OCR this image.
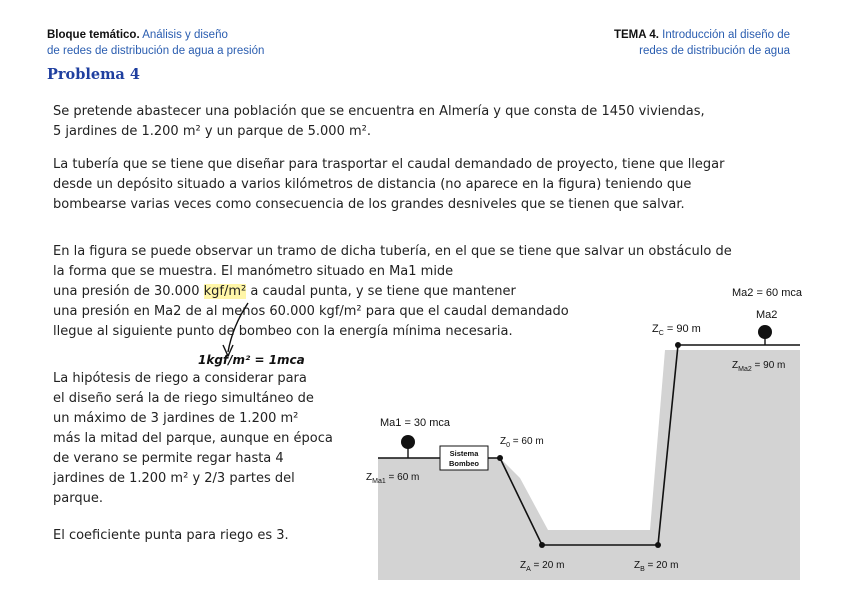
Bloque temático. Análisis y diseño
de redes de distribución de agua a presión
TEMA 4. Introducción al diseño de
redes de distribución de agua
Problema 4
Se pretende abastecer una población que se encuentra en Almería y que consta de 1450 viviendas,
5 jardines de 1.200 m² y un parque de 5.000 m².
La tubería que se tiene que diseñar para trasportar el caudal demandado de proyecto, tiene que llegar
desde un depósito situado a varios kilómetros de distancia (no aparece en la figura) teniendo que
bombearse varias veces como consecuencia de los grandes desniveles que se tienen que salvar.
En la figura se puede observar un tramo de dicha tubería, en el que se tiene que salvar un obstáculo de
la forma que se muestra. El manómetro situado en Ma1 mide
una presión de 30.000 kgf/m² a caudal punta, y se tiene que mantener
una presión en Ma2 de al menos 60.000 kgf/m² para que el caudal demandado
llegue al siguiente punto de bombeo con la energía mínima necesaria.
1kgf/m² = 1mca
La hipótesis de riego a considerar para
el diseño será la de riego simultáneo de
un máximo de 3 jardines de 1.200 m²
más la mitad del parque, aunque en época
de verano se permite regar hasta 4
jardines de 1.200 m² y 2/3 partes del
parque.
El coeficiente punta para riego es 3.
Sistema
Bombeo
Ma2 = 60 mca
Ma2
$Z_C = 90$ m
$Z_{Ma2} = 90$ m
Ma1 = 30 mca
$Z_0 = 60$ m
$Z_{Ma1} = 60$ m
$Z_A = 20$ m	$Z_B = 20$ m
